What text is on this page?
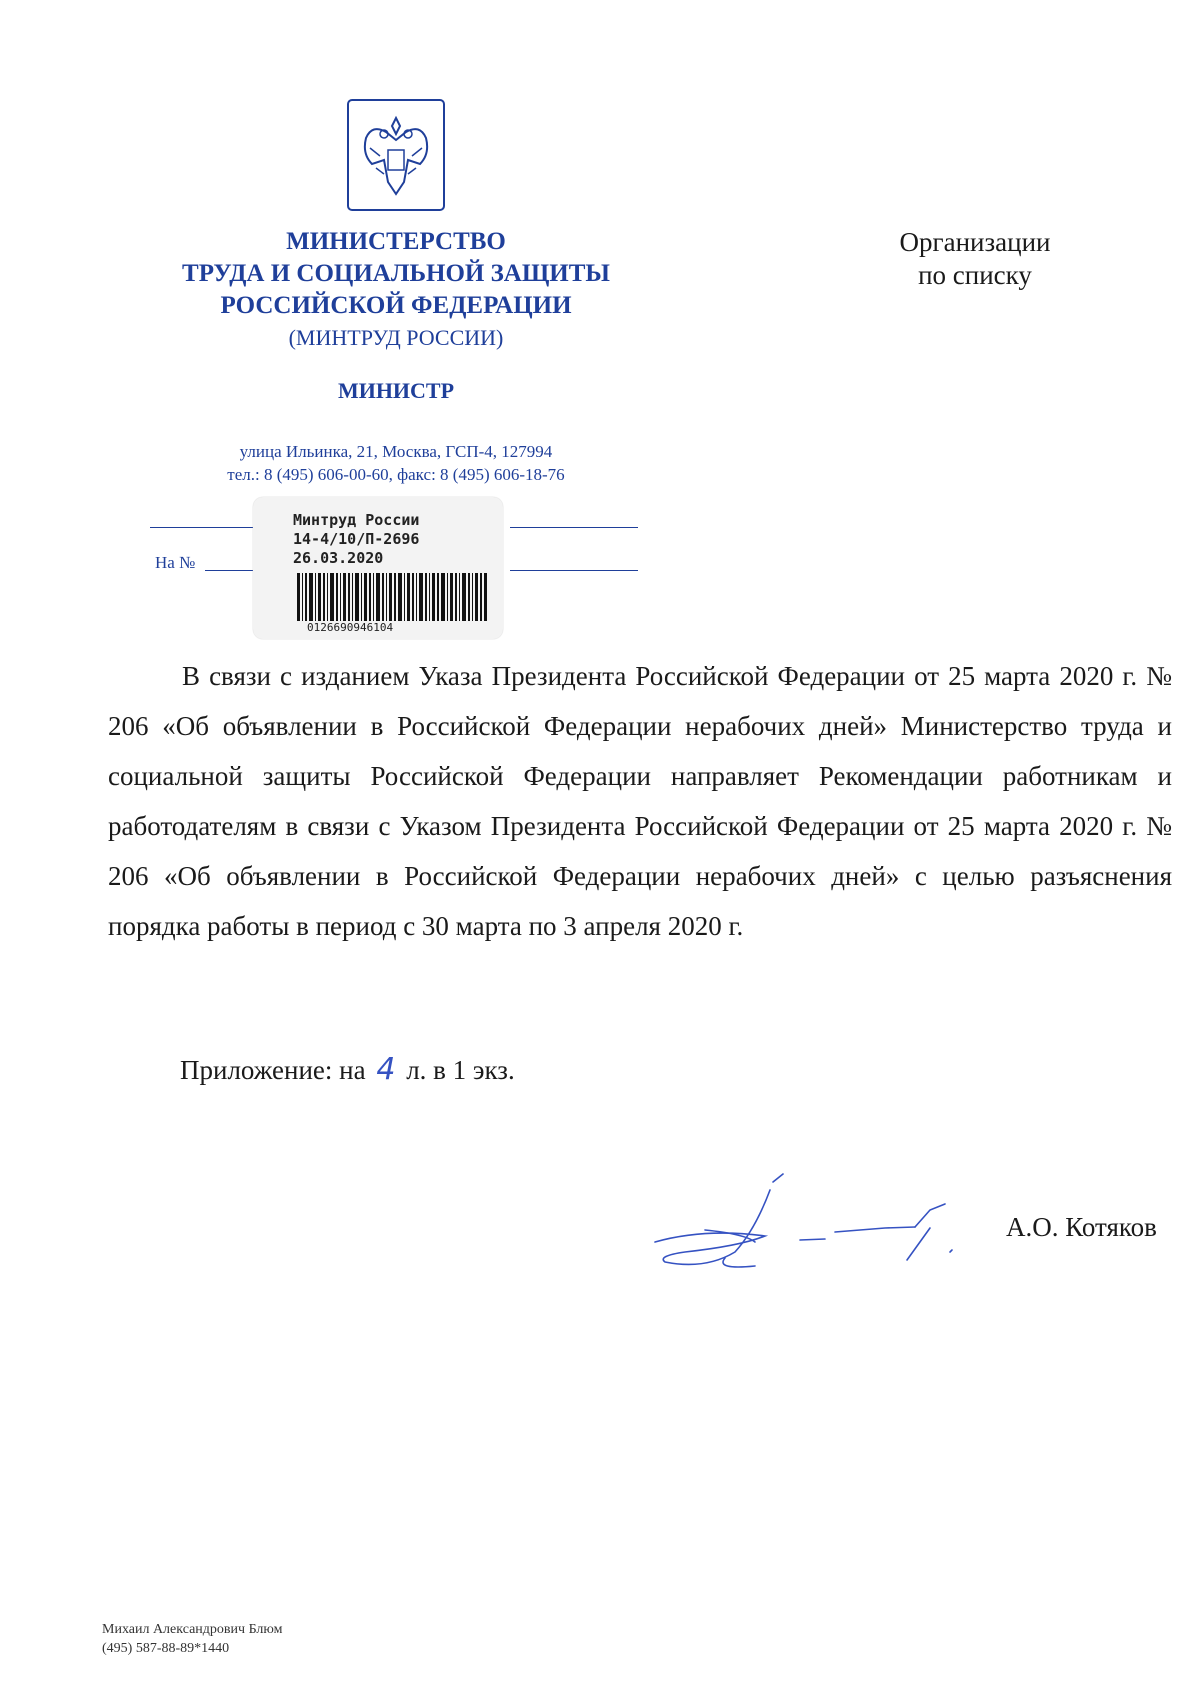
МИНИСТЕРСТВО
ТРУДА И СОЦИАЛЬНОЙ ЗАЩИТЫ
РОССИЙСКОЙ ФЕДЕРАЦИИ
(МИНТРУД РОССИИ)
МИНИСТР
улица Ильинка, 21, Москва, ГСП-4, 127994
тел.: 8 (495) 606-00-60, факс: 8 (495) 606-18-76
Организации
по списку
На №
Минтруд России
14-4/10/П-2696
26.03.2020
0126690946104
В связи с изданием Указа Президента Российской Федерации от 25 марта 2020 г. № 206 «Об объявлении в Российской Федерации нерабочих дней» Министерство труда и социальной защиты Российской Федерации направляет Рекомендации работникам и работодателям в связи с Указом Президента Российской Федерации от 25 марта 2020 г. № 206 «Об объявлении в Российской Федерации нерабочих дней» с целью разъяснения порядка работы в период с 30 марта по 3 апреля 2020 г.
Приложение: на 4 л. в 1 экз.
А.О. Котяков
Михаил Александрович Блюм
(495) 587-88-89*1440
